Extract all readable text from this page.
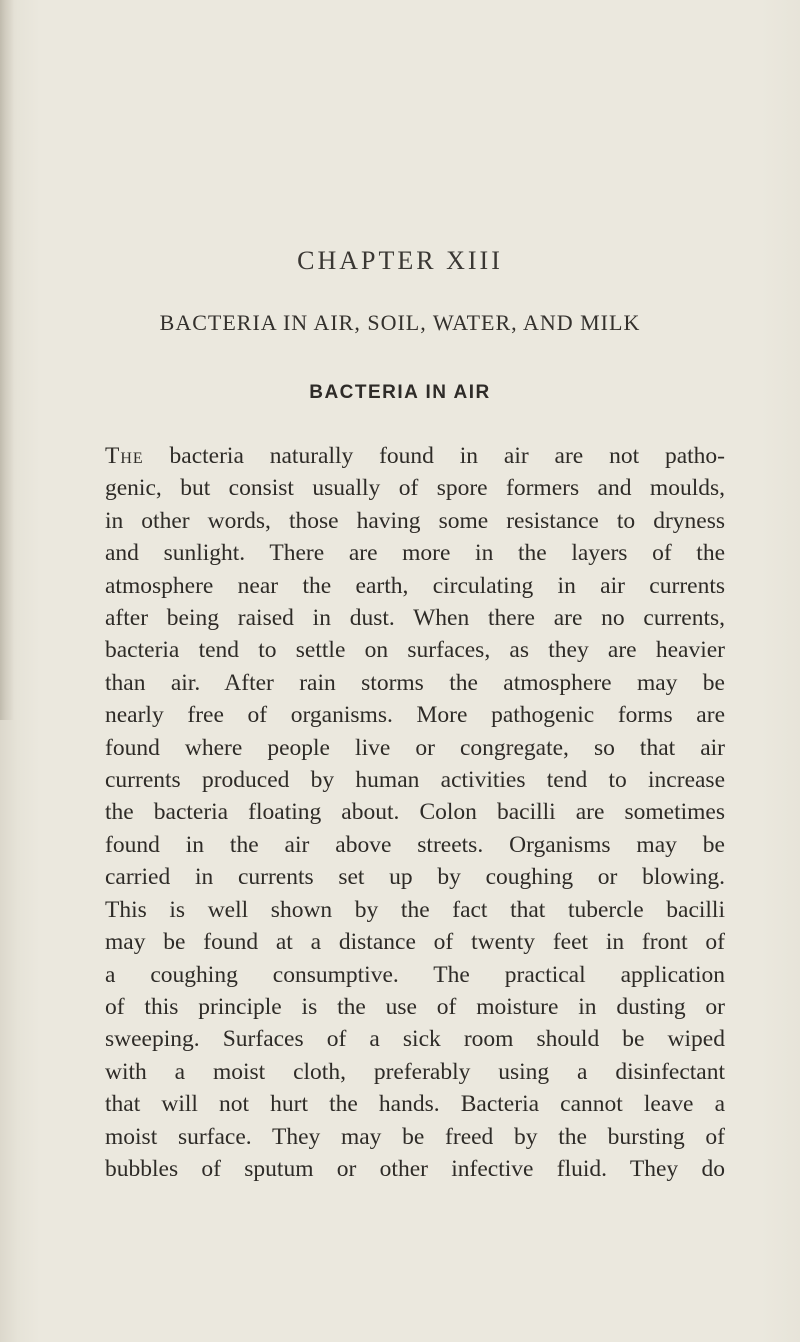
CHAPTER XIII
BACTERIA IN AIR, SOIL, WATER, AND MILK
BACTERIA IN AIR
The bacteria naturally found in air are not patho-
genic, but consist usually of spore formers and moulds,
in other words, those having some resistance to dryness
and sunlight. There are more in the layers of the
atmosphere near the earth, circulating in air currents
after being raised in dust. When there are no currents,
bacteria tend to settle on surfaces, as they are heavier
than air. After rain storms the atmosphere may be
nearly free of organisms. More pathogenic forms are
found where people live or congregate, so that air
currents produced by human activities tend to increase
the bacteria floating about. Colon bacilli are sometimes
found in the air above streets. Organisms may be
carried in currents set up by coughing or blowing.
This is well shown by the fact that tubercle bacilli
may be found at a distance of twenty feet in front of
a coughing consumptive. The practical application
of this principle is the use of moisture in dusting or
sweeping. Surfaces of a sick room should be wiped
with a moist cloth, preferably using a disinfectant
that will not hurt the hands. Bacteria cannot leave a
moist surface. They may be freed by the bursting of
bubbles of sputum or other infective fluid. They do
